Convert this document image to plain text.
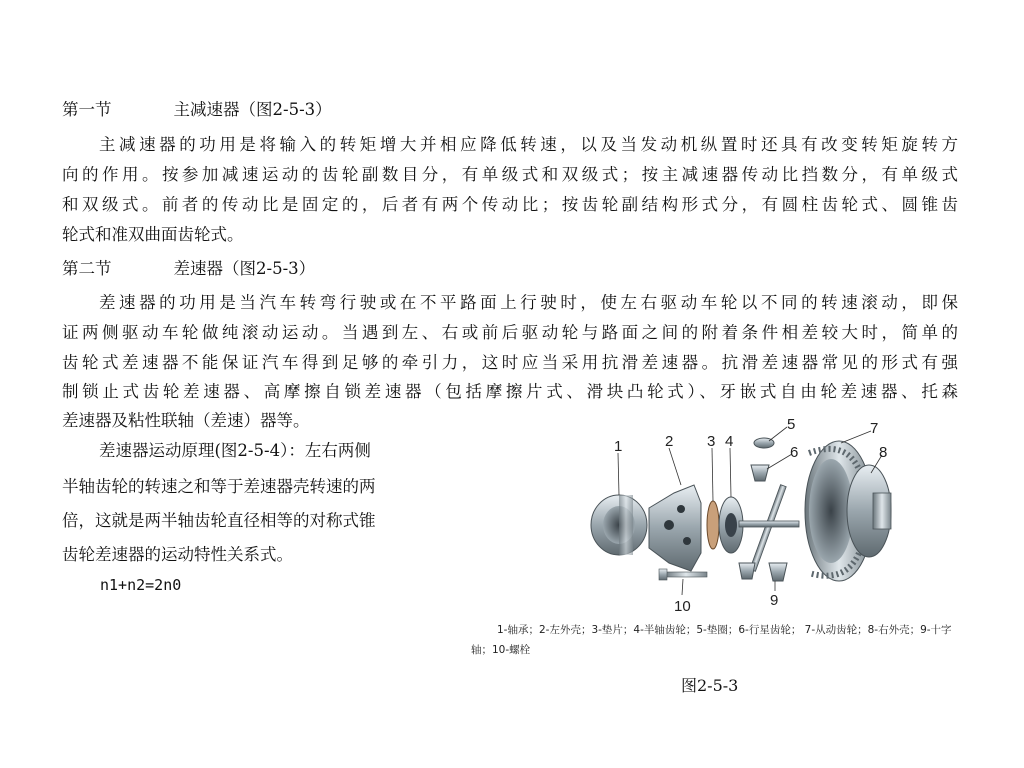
第一节	主减速器（图2-5-3）
主减速器的功用是将输入的转矩增大并相应降低转速，以及当发动机纵置时还具有改变转矩旋转方
向的作用。按参加减速运动的齿轮副数目分，有单级式和双级式；按主减速器传动比挡数分，有单级式
和双级式。前者的传动比是固定的，后者有两个传动比；按齿轮副结构形式分，有圆柱齿轮式、圆锥齿
轮式和准双曲面齿轮式。
第二节	差速器（图2-5-3）
差速器的功用是当汽车转弯行驶或在不平路面上行驶时，使左右驱动车轮以不同的转速滚动，即保
证两侧驱动车轮做纯滚动运动。当遇到左、右或前后驱动轮与路面之间的附着条件相差较大时，简单的
齿轮式差速器不能保证汽车得到足够的牵引力，这时应当采用抗滑差速器。抗滑差速器常见的形式有强
制锁止式齿轮差速器、高摩擦自锁差速器（包括摩擦片式、滑块凸轮式）、牙嵌式自由轮差速器、托森
差速器及粘性联轴（差速）器等。
差速器运动原理(图2-5-4）：左右两侧
半轴齿轮的转速之和等于差速器壳转速的两
倍，这就是两半轴齿轮直径相等的对称式锥
齿轮差速器的运动特性关系式。
n1+n2=2n0
1	2 3 4
5
6
7
8
9
10
1-轴承；2-左外壳；3-垫片；4-半轴齿轮；5-垫圈；6-行星齿轮； 7-从动齿轮；8-右外壳；9-十字
轴；10-螺栓
图2-5-3
